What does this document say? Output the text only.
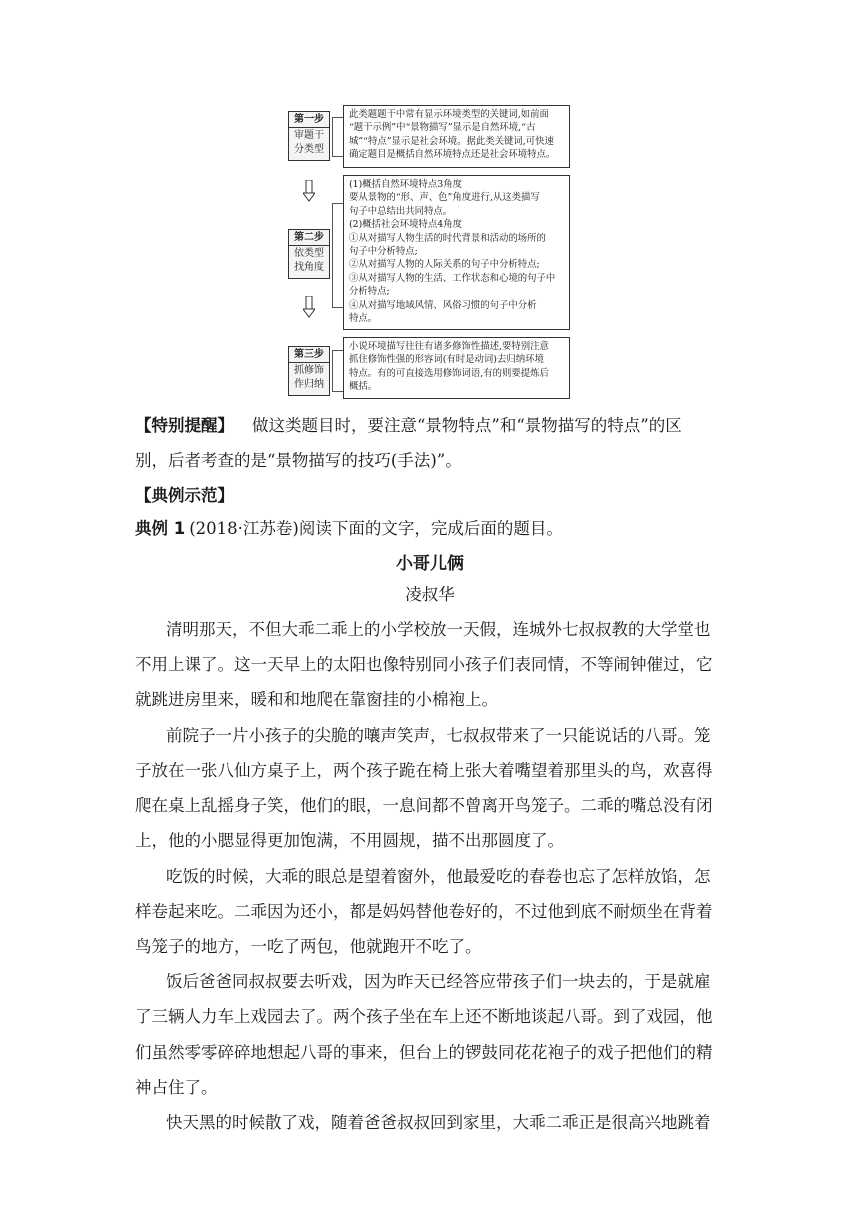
第一步
审题干
分类型
此类题题干中常有显示环境类型的关键词,如前面
“题干示例”中“景物描写”显示是自然环境,“古
城”“特点”显示是社会环境。据此类关键词,可快速
确定题目是概括自然环境特点还是社会环境特点。
第二步
依类型
找角度
(1)概括自然环境特点3角度
要从景物的“形、声、色”角度进行,从这类描写
句子中总结出共同特点。
(2)概括社会环境特点4角度
①从对描写人物生活的时代背景和活动的场所的
句子中分析特点;
②从对描写人物的人际关系的句子中分析特点;
③从对描写人物的生活、工作状态和心境的句子中
分析特点;
④从对描写地域风情、风俗习惯的句子中分析
特点。
第三步
抓修饰
作归纳
小说环境描写往往有诸多修饰性描述,要特别注意
抓住修饰性强的形容词(有时是动词)去归纳环境
特点。有的可直接选用修饰词语,有的则要提炼后
概括。
【特别提醒】 做这类题目时，要注意“景物特点”和“景物描写的特点”的区
别，后者考查的是“景物描写的技巧(手法)”。
【典例示范】
典例 1 (2018·江苏卷)阅读下面的文字，完成后面的题目。
小哥儿俩
凌叔华
清明那天，不但大乖二乖上的小学校放一天假，连城外七叔叔教的大学堂也
不用上课了。这一天早上的太阳也像特别同小孩子们表同情，不等闹钟催过，它
就跳进房里来，暖和和地爬在靠窗挂的小棉袍上。
前院子一片小孩子的尖脆的嚷声笑声，七叔叔带来了一只能说话的八哥。笼
子放在一张八仙方桌子上，两个孩子跪在椅上张大着嘴望着那里头的鸟，欢喜得
爬在桌上乱摇身子笑，他们的眼，一息间都不曾离开鸟笼子。二乖的嘴总没有闭
上，他的小腮显得更加饱满，不用圆规，描不出那圆度了。
吃饭的时候，大乖的眼总是望着窗外，他最爱吃的春卷也忘了怎样放馅，怎
样卷起来吃。二乖因为还小，都是妈妈替他卷好的，不过他到底不耐烦坐在背着
鸟笼子的地方，一吃了两包，他就跑开不吃了。
饭后爸爸同叔叔要去听戏，因为昨天已经答应带孩子们一块去的，于是就雇
了三辆人力车上戏园去了。两个孩子坐在车上还不断地谈起八哥。到了戏园，他
们虽然零零碎碎地想起八哥的事来，但台上的锣鼓同花花袍子的戏子把他们的精
神占住了。
快天黑的时候散了戏，随着爸爸叔叔回到家里，大乖二乖正是很高兴地跳着
